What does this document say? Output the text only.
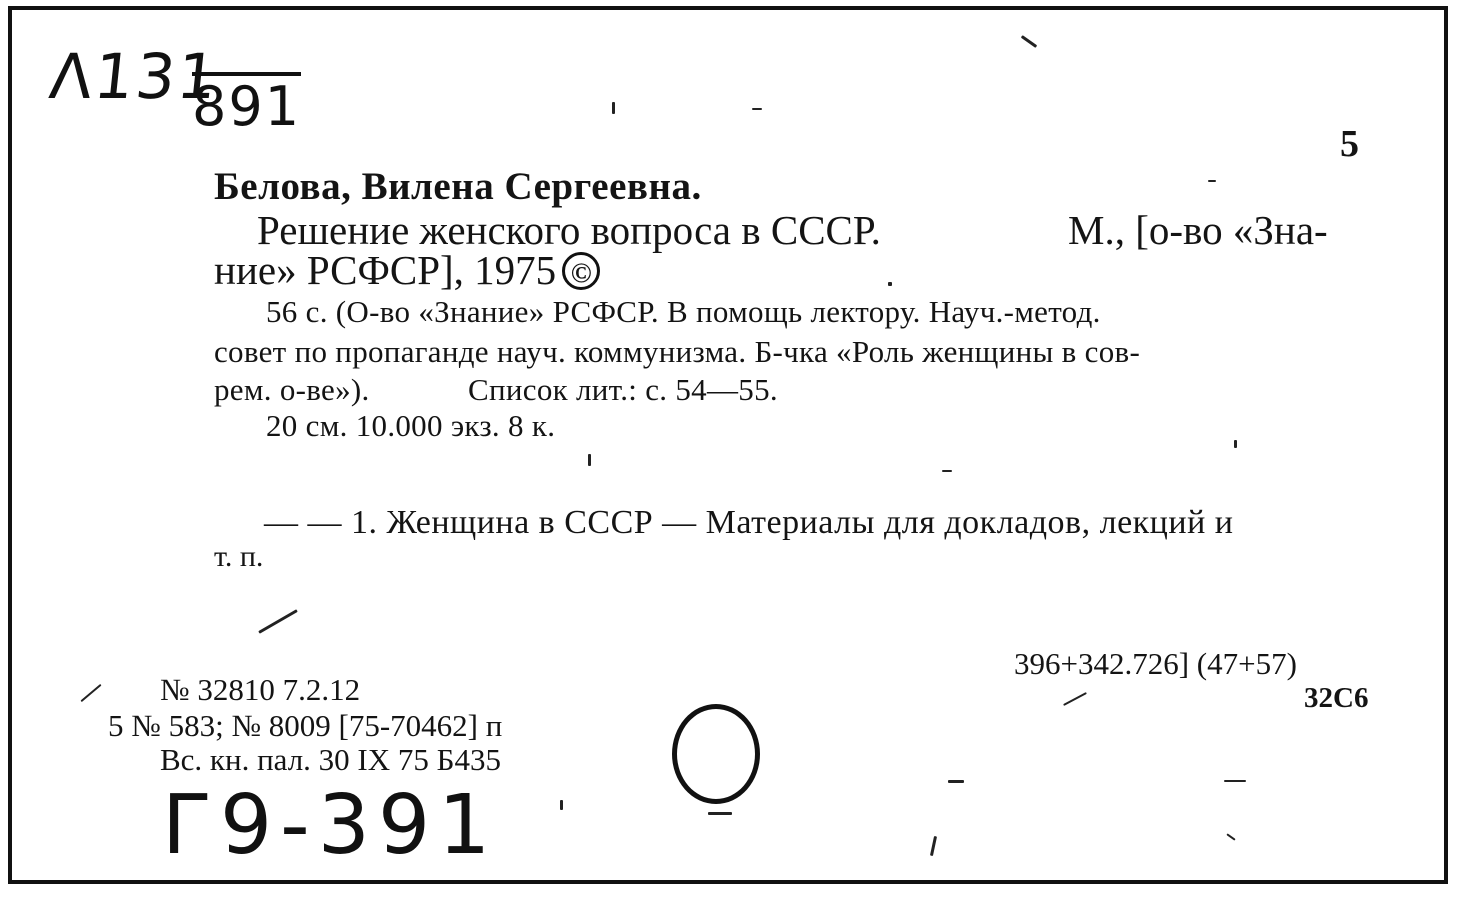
Λ131
891
5
Белова, Вилена Сергеевна.
Решение женского вопроса в СССР.	М., [о-во «Зна-
ние» РСФСР], 1975 ©
56 с. (О-во «Знание» РСФСР. В помощь лектору. Науч.-метод.
совет по пропаганде науч. коммунизма. Б-чка «Роль женщины в сов-
рем. о-ве»).	Список лит.: с. 54—55.
20 см. 10.000 экз. 8 к.
— — 1. Женщина в СССР — Материалы для докладов, лекций и
т. п.
396+342.726] (47+57)
32С6
№ 32810 7.2.12
5 № 583; № 8009 [75-70462] п
Вс. кн. пал. 30 IX 75 Б435
Г9-391
